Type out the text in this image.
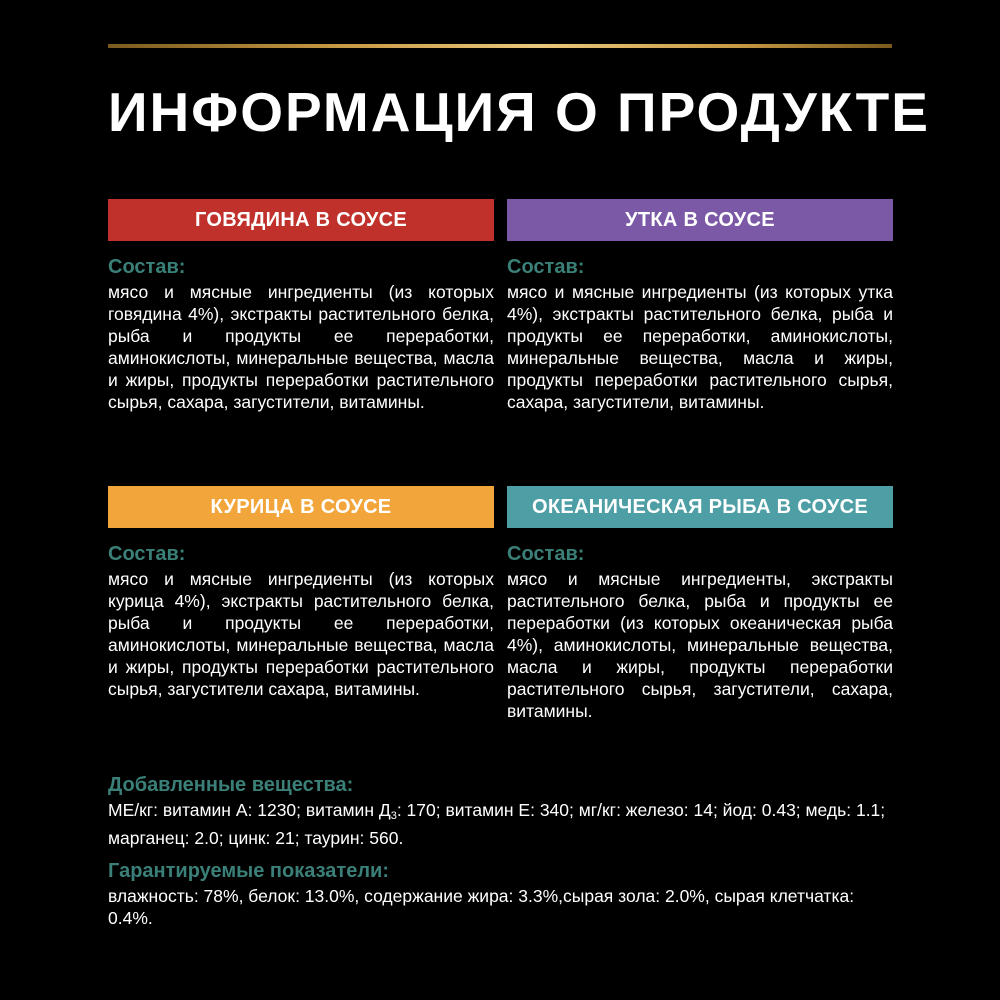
ИНФОРМАЦИЯ О ПРОДУКТЕ
ГОВЯДИНА В СОУСЕ
Состав:

мясо и мясные ингредиенты (из которых говядина 4%), экстракты растительного белка, рыба и продукты ее переработки, аминокислоты, минеральные вещества, масла и жиры, продукты переработки растительного сырья, сахара, загустители, витамины.

УТКА В СОУСЕ
Состав:

мясо и мясные ингредиенты (из которых утка 4%), экстракты растительного белка, рыба и продукты ее переработки, аминокислоты, минеральные вещества, масла и жиры, продукты переработки растительного сырья, сахара, загустители, витамины.

КУРИЦА В СОУСЕ
Состав:

мясо и мясные ингредиенты (из которых курица 4%), экстракты растительного белка, рыба и продукты ее переработки, аминокислоты, минеральные вещества, масла и жиры, продукты переработки растительного сырья, загустители сахара, витамины.

ОКЕАНИЧЕСКАЯ РЫБА В СОУСЕ
Состав:

мясо и мясные ингредиенты, экстракты растительного белка, рыба и продукты ее переработки (из которых океаническая рыба 4%), аминокислоты, минеральные вещества, масла и жиры, продукты переработки растительного сырья, загустители, сахара, витамины.

Добавленные вещества:

МЕ/кг: витамин А: 1230; витамин $Д_3$: 170; витамин Е: 340; мг/кг: железо: 14; йод: 0.43; медь: 1.1; марганец: 2.0; цинк: 21; таурин: 560.

Гарантируемые показатели:

влажность: 78%, белок: 13.0%, содержание жира: 3.3%,сырая зола: 2.0%, сырая клетчатка: 0.4%.
